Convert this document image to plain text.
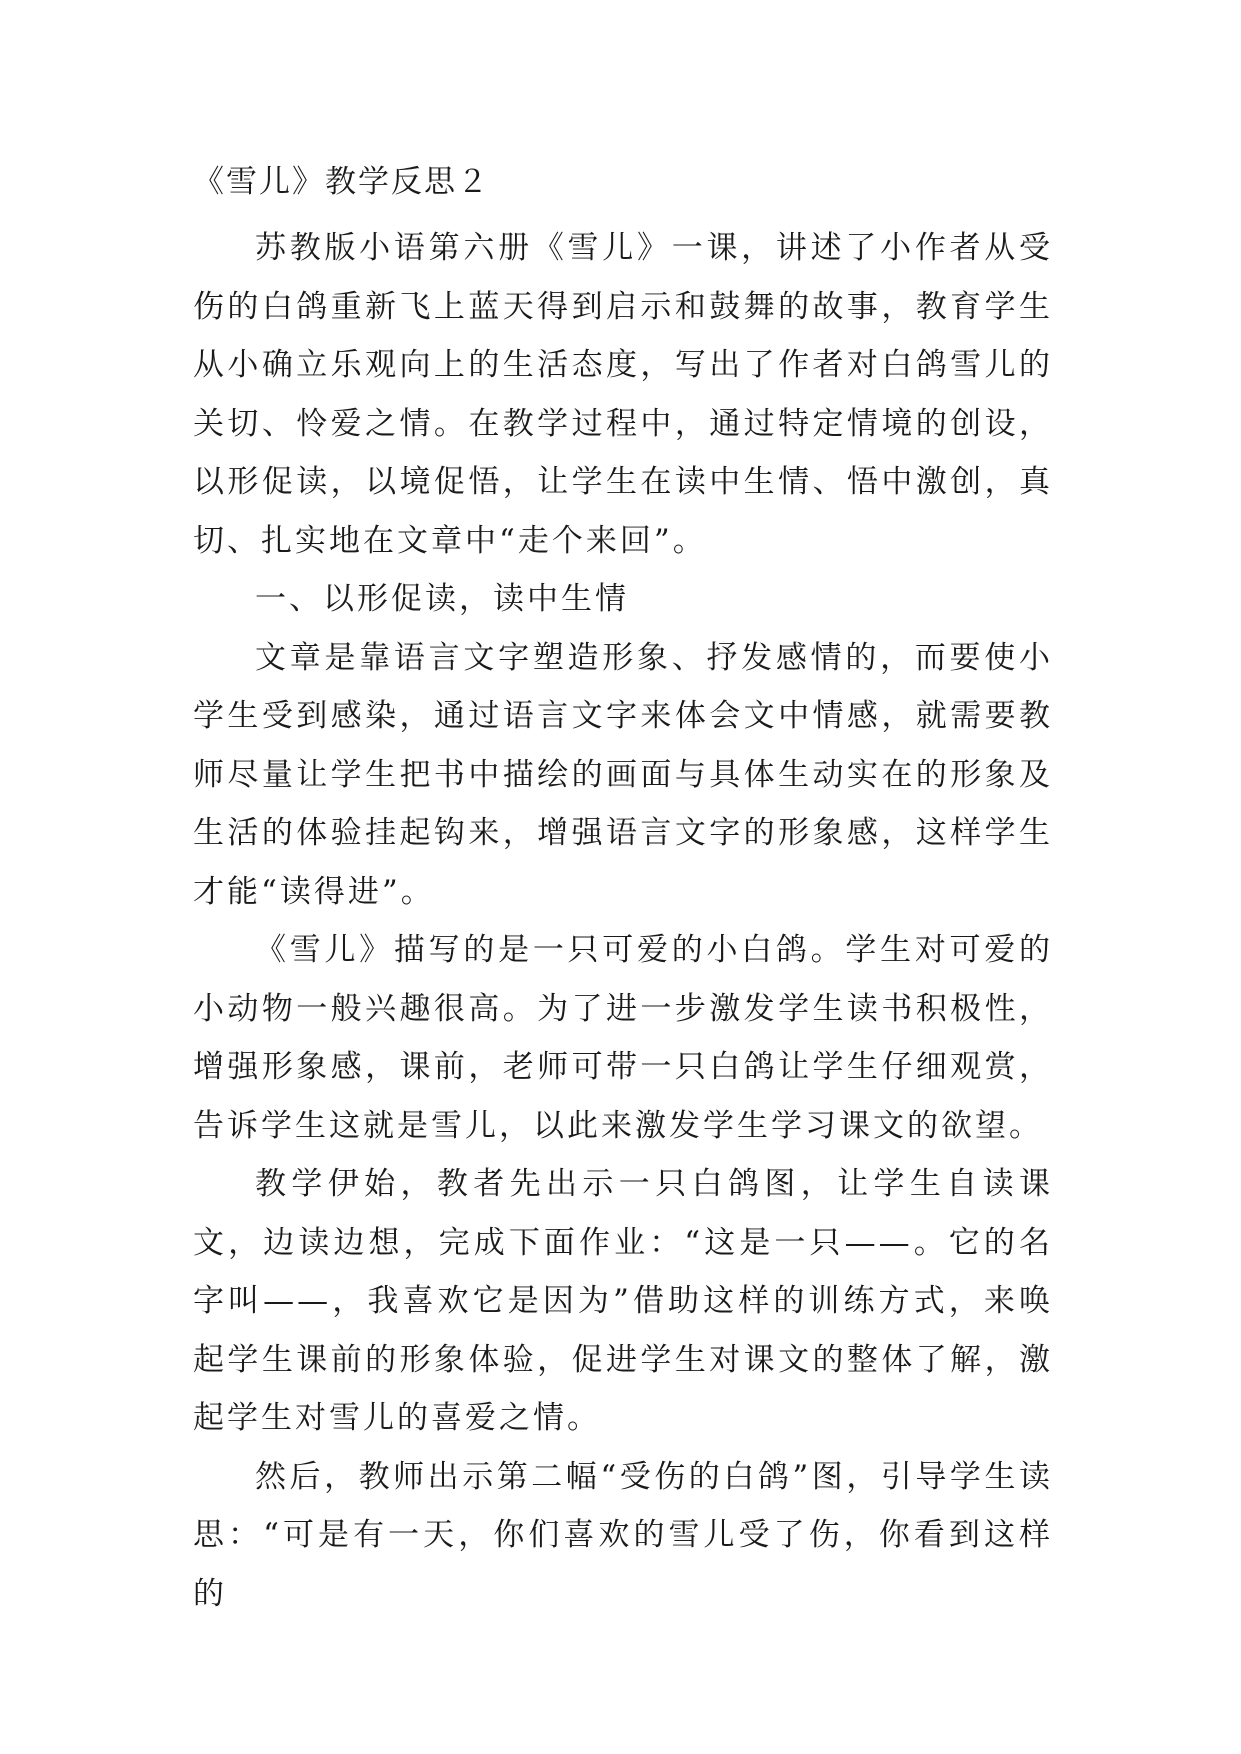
《雪儿》教学反思２

苏教版小语第六册《雪儿》一课，讲述了小作者从受伤的白鸽重新飞上蓝天得到启示和鼓舞的故事，教育学生从小确立乐观向上的生活态度，写出了作者对白鸽雪儿的关切、怜爱之情。在教学过程中，通过特定情境的创设，以形促读，以境促悟，让学生在读中生情、悟中激创，真切、扎实地在文章中“走个来回”。

一、以形促读，读中生情

文章是靠语言文字塑造形象、抒发感情的，而要使小学生受到感染，通过语言文字来体会文中情感，就需要教师尽量让学生把书中描绘的画面与具体生动实在的形象及生活的体验挂起钩来，增强语言文字的形象感，这样学生才能“读得进”。

《雪儿》描写的是一只可爱的小白鸽。学生对可爱的小动物一般兴趣很高。为了进一步激发学生读书积极性，增强形象感，课前，老师可带一只白鸽让学生仔细观赏，告诉学生这就是雪儿，以此来激发学生学习课文的欲望。

教学伊始，教者先出示一只白鸽图，让学生自读课文，边读边想，完成下面作业：“这是一只——。它的名字叫——，我喜欢它是因为”借助这样的训练方式，来唤起学生课前的形象体验，促进学生对课文的整体了解，激起学生对雪儿的喜爱之情。

然后，教师出示第二幅“受伤的白鸽”图，引导学生读思：“可是有一天，你们喜欢的雪儿受了伤，你看到这样的
